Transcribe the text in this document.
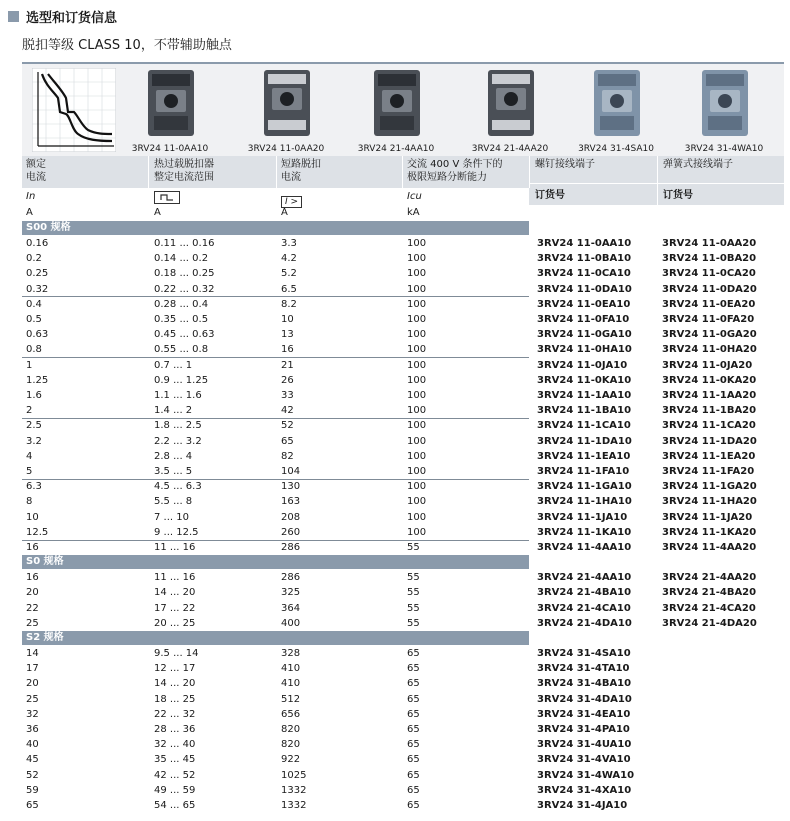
选型和订货信息
脱扣等级 CLASS 10，不带辅助触点
3RV24 11-0AA10	3RV24 11-0AA20	3RV24 21-4AA10	3RV24 21-4AA20	3RV24 31-4SA10	3RV24 31-4WA10
额定
电流
热过载脱扣器
整定电流范围
短路脱扣
电流
交流 400 V 条件下的
极限短路分断能力
螺钉接线端子	弹簧式接线端子
In	I >	Icu	订货号	订货号
A	A	A	kA
S00 规格
0.16	0.11 ... 0.16	3.3	100	3RV24 11-0AA10	3RV24 11-0AA20
0.2	0.14 ... 0.2	4.2	100	3RV24 11-0BA10	3RV24 11-0BA20
0.25	0.18 ... 0.25	5.2	100	3RV24 11-0CA10	3RV24 11-0CA20
0.32	0.22 ... 0.32	6.5	100	3RV24 11-0DA10	3RV24 11-0DA20
0.4	0.28 ... 0.4	8.2	100	3RV24 11-0EA10	3RV24 11-0EA20
0.5	0.35 ... 0.5	10	100	3RV24 11-0FA10	3RV24 11-0FA20
0.63	0.45 ... 0.63	13	100	3RV24 11-0GA10	3RV24 11-0GA20
0.8	0.55 ... 0.8	16	100	3RV24 11-0HA10	3RV24 11-0HA20
1	0.7 ... 1	21	100	3RV24 11-0JA10	3RV24 11-0JA20
1.25	0.9 ... 1.25	26	100	3RV24 11-0KA10	3RV24 11-0KA20
1.6	1.1 ... 1.6	33	100	3RV24 11-1AA10	3RV24 11-1AA20
2	1.4 ... 2	42	100	3RV24 11-1BA10	3RV24 11-1BA20
2.5	1.8 ... 2.5	52	100	3RV24 11-1CA10	3RV24 11-1CA20
3.2	2.2 ... 3.2	65	100	3RV24 11-1DA10	3RV24 11-1DA20
4	2.8 ... 4	82	100	3RV24 11-1EA10	3RV24 11-1EA20
5	3.5 ... 5	104	100	3RV24 11-1FA10	3RV24 11-1FA20
6.3	4.5 ... 6.3	130	100	3RV24 11-1GA10	3RV24 11-1GA20
8	5.5 ... 8	163	100	3RV24 11-1HA10	3RV24 11-1HA20
10	7 ... 10	208	100	3RV24 11-1JA10	3RV24 11-1JA20
12.5	9 ... 12.5	260	100	3RV24 11-1KA10	3RV24 11-1KA20
16	11 ... 16	286	55	3RV24 11-4AA10	3RV24 11-4AA20
S0 规格
16	11 ... 16	286	55	3RV24 21-4AA10	3RV24 21-4AA20
20	14 ... 20	325	55	3RV24 21-4BA10	3RV24 21-4BA20
22	17 ... 22	364	55	3RV24 21-4CA10	3RV24 21-4CA20
25	20 ... 25	400	55	3RV24 21-4DA10	3RV24 21-4DA20
S2 规格
14	9.5 ... 14	328	65	3RV24 31-4SA10
17	12 ... 17	410	65	3RV24 31-4TA10
20	14 ... 20	410	65	3RV24 31-4BA10
25	18 ... 25	512	65	3RV24 31-4DA10
32	22 ... 32	656	65	3RV24 31-4EA10
36	28 ... 36	820	65	3RV24 31-4PA10
40	32 ... 40	820	65	3RV24 31-4UA10
45	35 ... 45	922	65	3RV24 31-4VA10
52	42 ... 52	1025	65	3RV24 31-4WA10
59	49 ... 59	1332	65	3RV24 31-4XA10
65	54 ... 65	1332	65	3RV24 31-4JA10
